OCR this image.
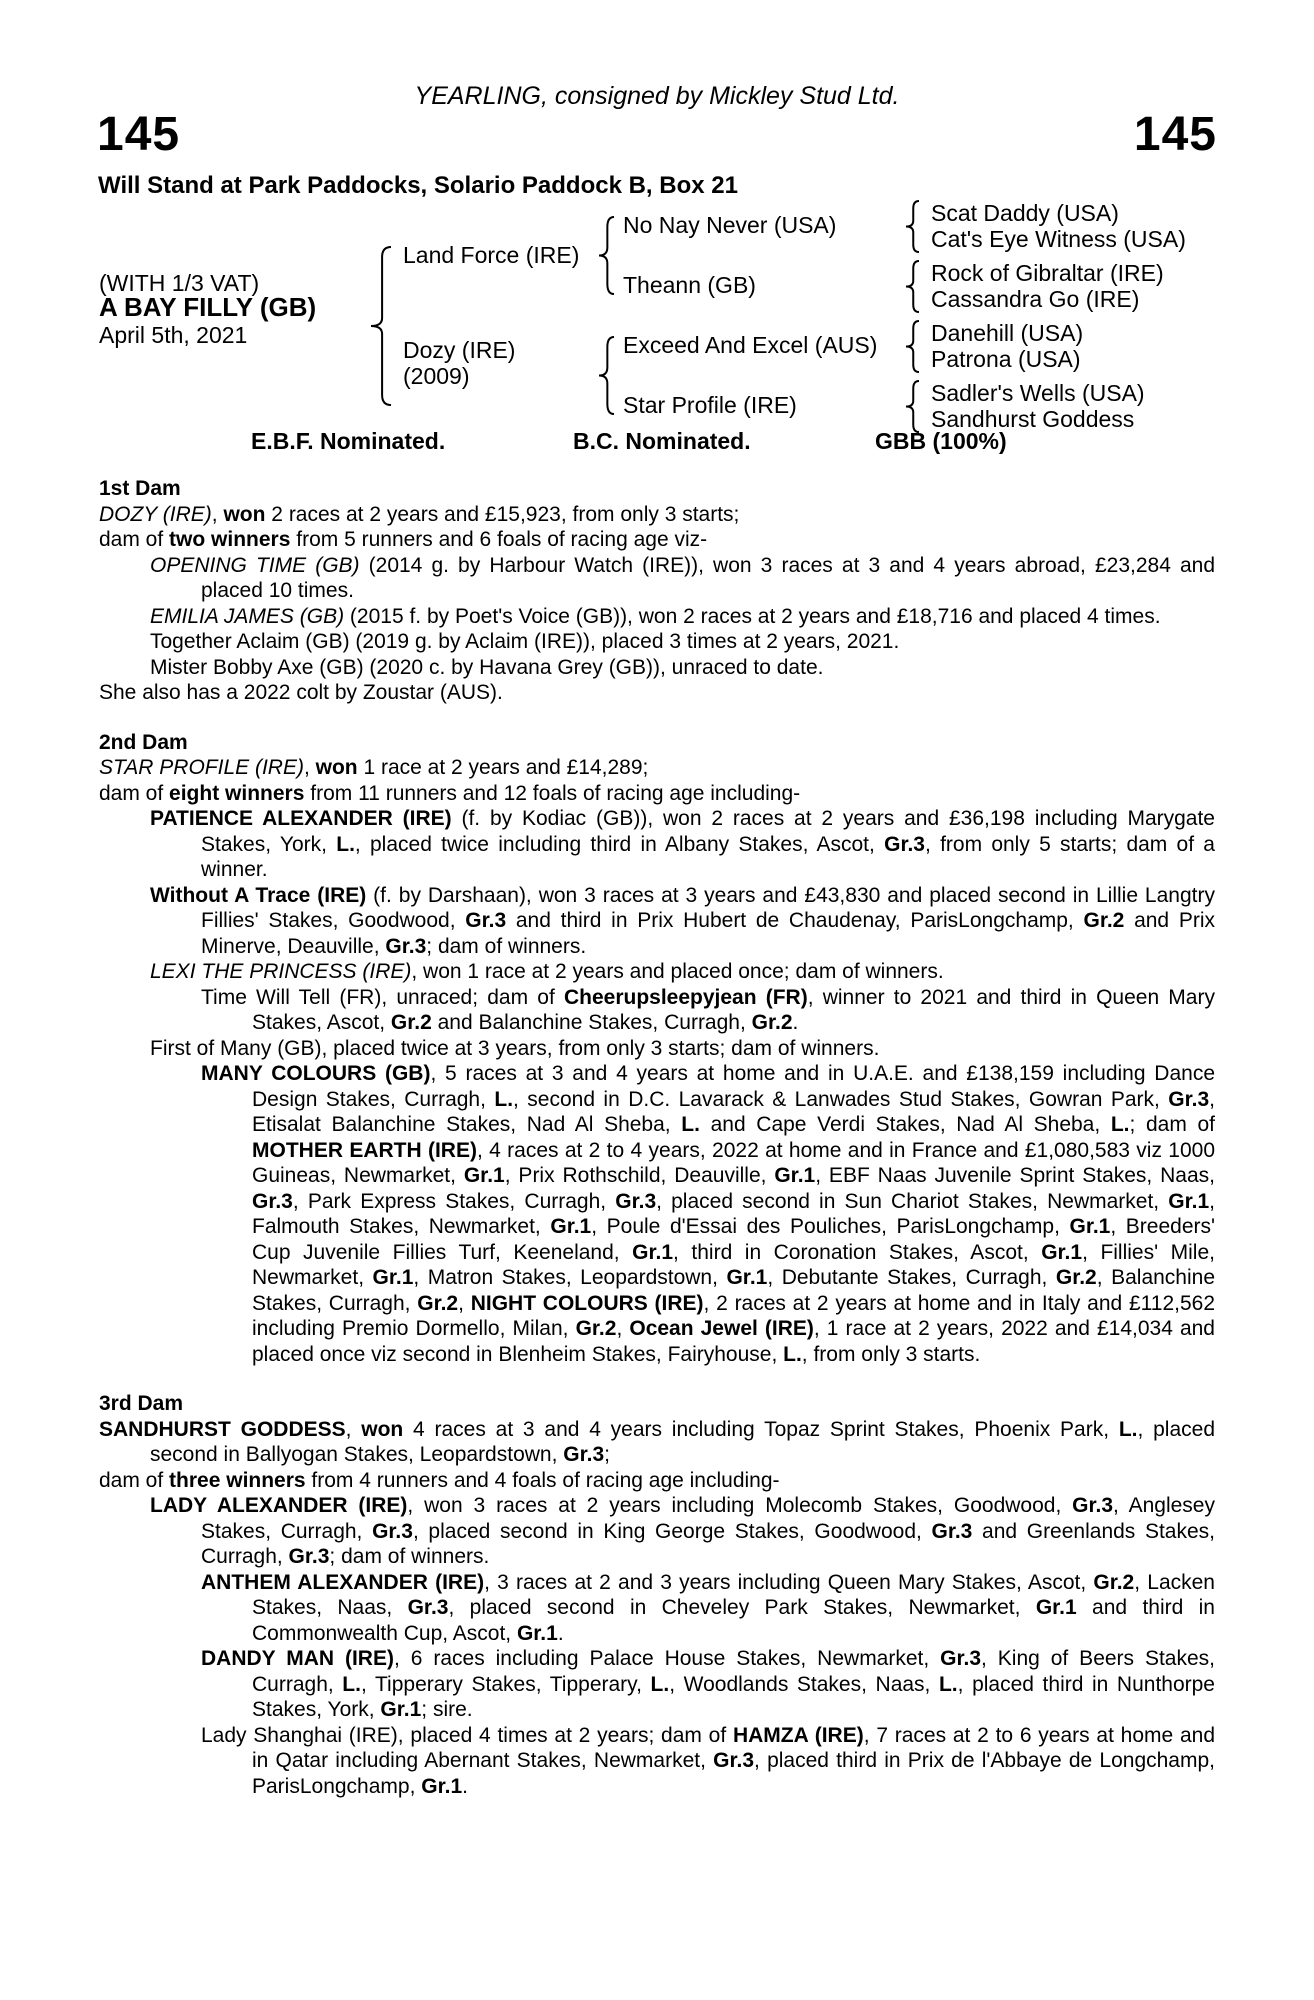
YEARLING, consigned by Mickley Stud Ltd.
145	145
Will Stand at Park Paddocks, Solario Paddock B, Box 21
(WITH 1/3 VAT)
A BAY FILLY (GB)
April 5th, 2021
Land Force (IRE)
Dozy (IRE)
(2009)
No Nay Never (USA)
Theann (GB)
Exceed And Excel (AUS)
Star Profile (IRE)
Scat Daddy (USA)
Cat's Eye Witness (USA)
Rock of Gibraltar (IRE)
Cassandra Go (IRE)
Danehill (USA)
Patrona (USA)
Sadler's Wells (USA)
Sandhurst Goddess
E.B.F. Nominated.	B.C. Nominated.	GBB (100%)
1st Dam

DOZY (IRE), won 2 races at 2 years and £15,923, from only 3 starts;

dam of two winners from 5 runners and 6 foals of racing age viz-

OPENING TIME (GB) (2014 g. by Harbour Watch (IRE)), won 3 races at 3 and 4 years abroad, £23,284 and placed 10 times.

EMILIA JAMES (GB) (2015 f. by Poet's Voice (GB)), won 2 races at 2 years and £18,716 and placed 4 times.

Together Aclaim (GB) (2019 g. by Aclaim (IRE)), placed 3 times at 2 years, 2021.

Mister Bobby Axe (GB) (2020 c. by Havana Grey (GB)), unraced to date.

She also has a 2022 colt by Zoustar (AUS).

2nd Dam

STAR PROFILE (IRE), won 1 race at 2 years and £14,289;

dam of eight winners from 11 runners and 12 foals of racing age including-

PATIENCE ALEXANDER (IRE) (f. by Kodiac (GB)), won 2 races at 2 years and £36,198 including Marygate Stakes, York, L., placed twice including third in Albany Stakes, Ascot, Gr.3, from only 5 starts; dam of a winner.

Without A Trace (IRE) (f. by Darshaan), won 3 races at 3 years and £43,830 and placed second in Lillie Langtry Fillies' Stakes, Goodwood, Gr.3 and third in Prix Hubert de Chaudenay, ParisLongchamp, Gr.2 and Prix Minerve, Deauville, Gr.3; dam of winners.

LEXI THE PRINCESS (IRE), won 1 race at 2 years and placed once; dam of winners.

Time Will Tell (FR), unraced; dam of Cheerupsleepyjean (FR), winner to 2021 and third in Queen Mary Stakes, Ascot, Gr.2 and Balanchine Stakes, Curragh, Gr.2.

First of Many (GB), placed twice at 3 years, from only 3 starts; dam of winners.

MANY COLOURS (GB), 5 races at 3 and 4 years at home and in U.A.E. and £138,159 including Dance Design Stakes, Curragh, L., second in D.C. Lavarack & Lanwades Stud Stakes, Gowran Park, Gr.3, Etisalat Balanchine Stakes, Nad Al Sheba, L. and Cape Verdi Stakes, Nad Al Sheba, L.; dam of MOTHER EARTH (IRE), 4 races at 2 to 4 years, 2022 at home and in France and £1,080,583 viz 1000 Guineas, Newmarket, Gr.1, Prix Rothschild, Deauville, Gr.1, EBF Naas Juvenile Sprint Stakes, Naas, Gr.3, Park Express Stakes, Curragh, Gr.3, placed second in Sun Chariot Stakes, Newmarket, Gr.1, Falmouth Stakes, Newmarket, Gr.1, Poule d'Essai des Pouliches, ParisLongchamp, Gr.1, Breeders' Cup Juvenile Fillies Turf, Keeneland, Gr.1, third in Coronation Stakes, Ascot, Gr.1, Fillies' Mile, Newmarket, Gr.1, Matron Stakes, Leopardstown, Gr.1, Debutante Stakes, Curragh, Gr.2, Balanchine Stakes, Curragh, Gr.2, NIGHT COLOURS (IRE), 2 races at 2 years at home and in Italy and £112,562 including Premio Dormello, Milan, Gr.2, Ocean Jewel (IRE), 1 race at 2 years, 2022 and £14,034 and placed once viz second in Blenheim Stakes, Fairyhouse, L., from only 3 starts.

3rd Dam

SANDHURST GODDESS, won 4 races at 3 and 4 years including Topaz Sprint Stakes, Phoenix Park, L., placed second in Ballyogan Stakes, Leopardstown, Gr.3;

dam of three winners from 4 runners and 4 foals of racing age including-

LADY ALEXANDER (IRE), won 3 races at 2 years including Molecomb Stakes, Goodwood, Gr.3, Anglesey Stakes, Curragh, Gr.3, placed second in King George Stakes, Goodwood, Gr.3 and Greenlands Stakes, Curragh, Gr.3; dam of winners.

ANTHEM ALEXANDER (IRE), 3 races at 2 and 3 years including Queen Mary Stakes, Ascot, Gr.2, Lacken Stakes, Naas, Gr.3, placed second in Cheveley Park Stakes, Newmarket, Gr.1 and third in Commonwealth Cup, Ascot, Gr.1.

DANDY MAN (IRE), 6 races including Palace House Stakes, Newmarket, Gr.3, King of Beers Stakes, Curragh, L., Tipperary Stakes, Tipperary, L., Woodlands Stakes, Naas, L., placed third in Nunthorpe Stakes, York, Gr.1; sire.

Lady Shanghai (IRE), placed 4 times at 2 years; dam of HAMZA (IRE), 7 races at 2 to 6 years at home and in Qatar including Abernant Stakes, Newmarket, Gr.3, placed third in Prix de l'Abbaye de Longchamp, ParisLongchamp, Gr.1.
